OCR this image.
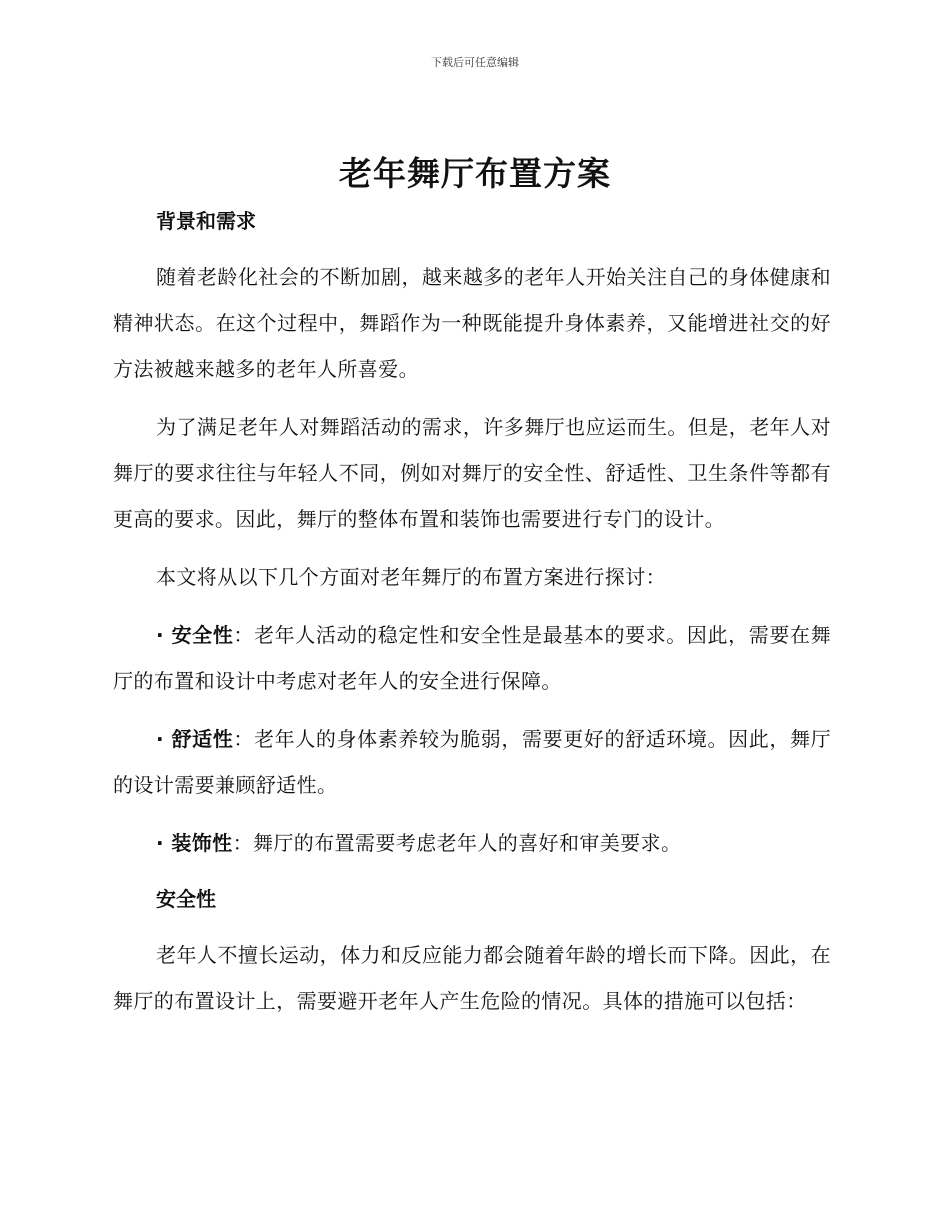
下载后可任意编辑
老年舞厅布置方案
背景和需求

随着老龄化社会的不断加剧，越来越多的老年人开始关注自己的身体健康和精神状态。在这个过程中，舞蹈作为一种既能提升身体素养，又能增进社交的好方法被越来越多的老年人所喜爱。

为了满足老年人对舞蹈活动的需求，许多舞厅也应运而生。但是，老年人对舞厅的要求往往与年轻人不同，例如对舞厅的安全性、舒适性、卫生条件等都有更高的要求。因此，舞厅的整体布置和装饰也需要进行专门的设计。

本文将从以下几个方面对老年舞厅的布置方案进行探讨：

· 安全性：老年人活动的稳定性和安全性是最基本的要求。因此，需要在舞厅的布置和设计中考虑对老年人的安全进行保障。

· 舒适性：老年人的身体素养较为脆弱，需要更好的舒适环境。因此，舞厅的设计需要兼顾舒适性。

· 装饰性：舞厅的布置需要考虑老年人的喜好和审美要求。

安全性

老年人不擅长运动，体力和反应能力都会随着年龄的增长而下降。因此，在舞厅的布置设计上，需要避开老年人产生危险的情况。具体的措施可以包括：
